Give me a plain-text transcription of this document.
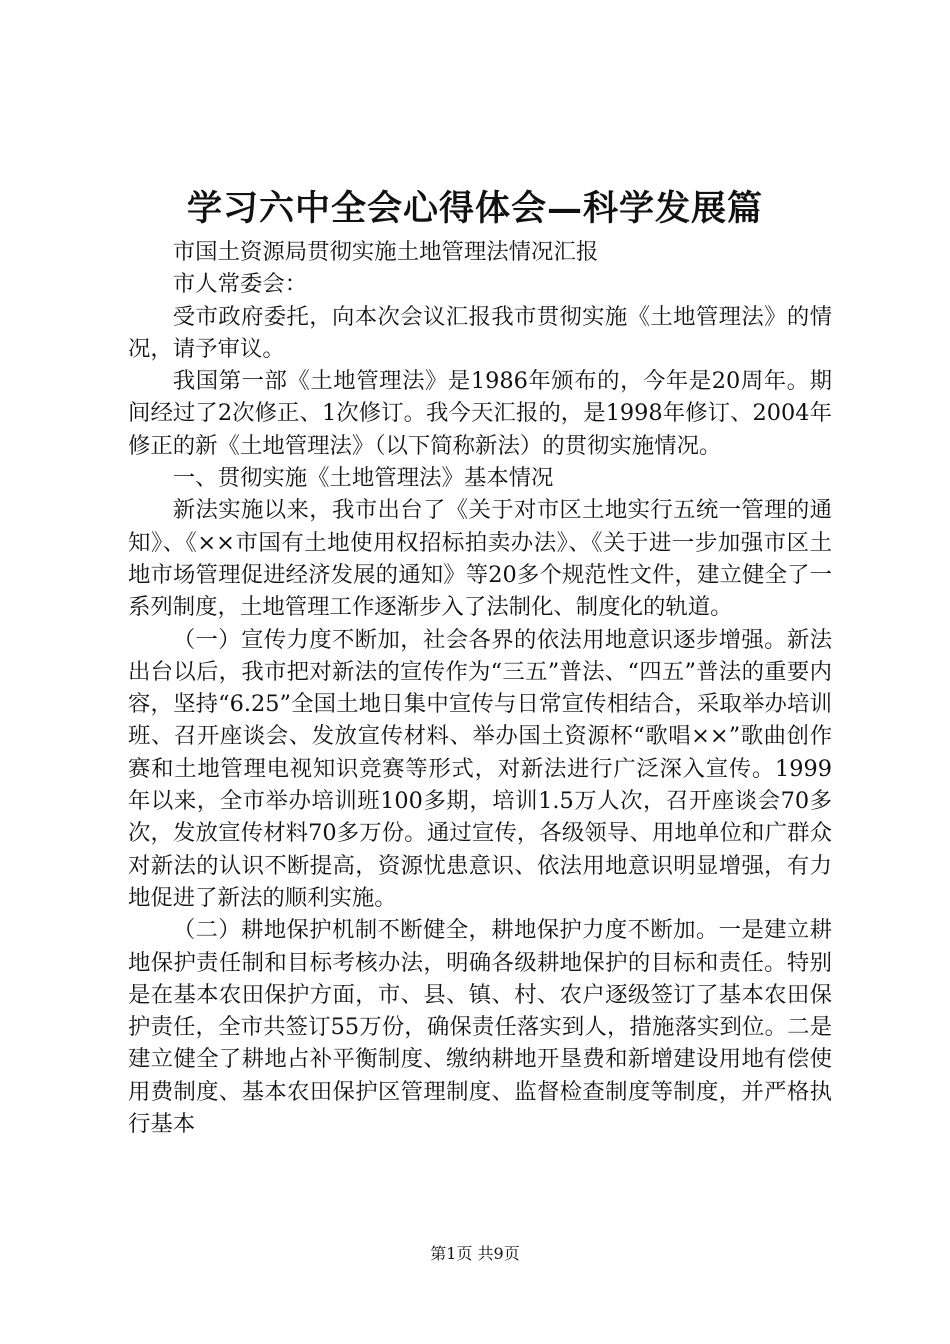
学习六中全会心得体会—科学发展篇

市国土资源局贯彻实施土地管理法情况汇报

市人常委会：

受市政府委托，向本次会议汇报我市贯彻实施《土地管理法》的情况，请予审议。

我国第一部《土地管理法》是1986年颁布的，今年是20周年。期间经过了2次修正、1次修订。我今天汇报的，是1998年修订、2004年修正的新《土地管理法》（以下简称新法）的贯彻实施情况。

一、贯彻实施《土地管理法》基本情况

新法实施以来，我市出台了《关于对市区土地实行五统一管理的通知》、《××市国有土地使用权招标拍卖办法》、《关于进一步加强市区土地市场管理促进经济发展的通知》等20多个规范性文件，建立健全了一系列制度，土地管理工作逐渐步入了法制化、制度化的轨道。

（一）宣传力度不断加，社会各界的依法用地意识逐步增强。新法出台以后，我市把对新法的宣传作为“三五”普法、“四五”普法的重要内容，坚持“6.25”全国土地日集中宣传与日常宣传相结合，采取举办培训班、召开座谈会、发放宣传材料、举办国土资源杯“歌唱××”歌曲创作赛和土地管理电视知识竞赛等形式，对新法进行广泛深入宣传。1999年以来，全市举办培训班100多期，培训1.5万人次，召开座谈会70多次，发放宣传材料70多万份。通过宣传，各级领导、用地单位和广群众对新法的认识不断提高，资源忧患意识、依法用地意识明显增强，有力地促进了新法的顺利实施。

（二）耕地保护机制不断健全，耕地保护力度不断加。一是建立耕地保护责任制和目标考核办法，明确各级耕地保护的目标和责任。特别是在基本农田保护方面，市、县、镇、村、农户逐级签订了基本农田保护责任，全市共签订55万份，确保责任落实到人，措施落实到位。二是建立健全了耕地占补平衡制度、缴纳耕地开垦费和新增建设用地有偿使用费制度、基本农田保护区管理制度、监督检查制度等制度，并严格执行基本

第1页 共9页
